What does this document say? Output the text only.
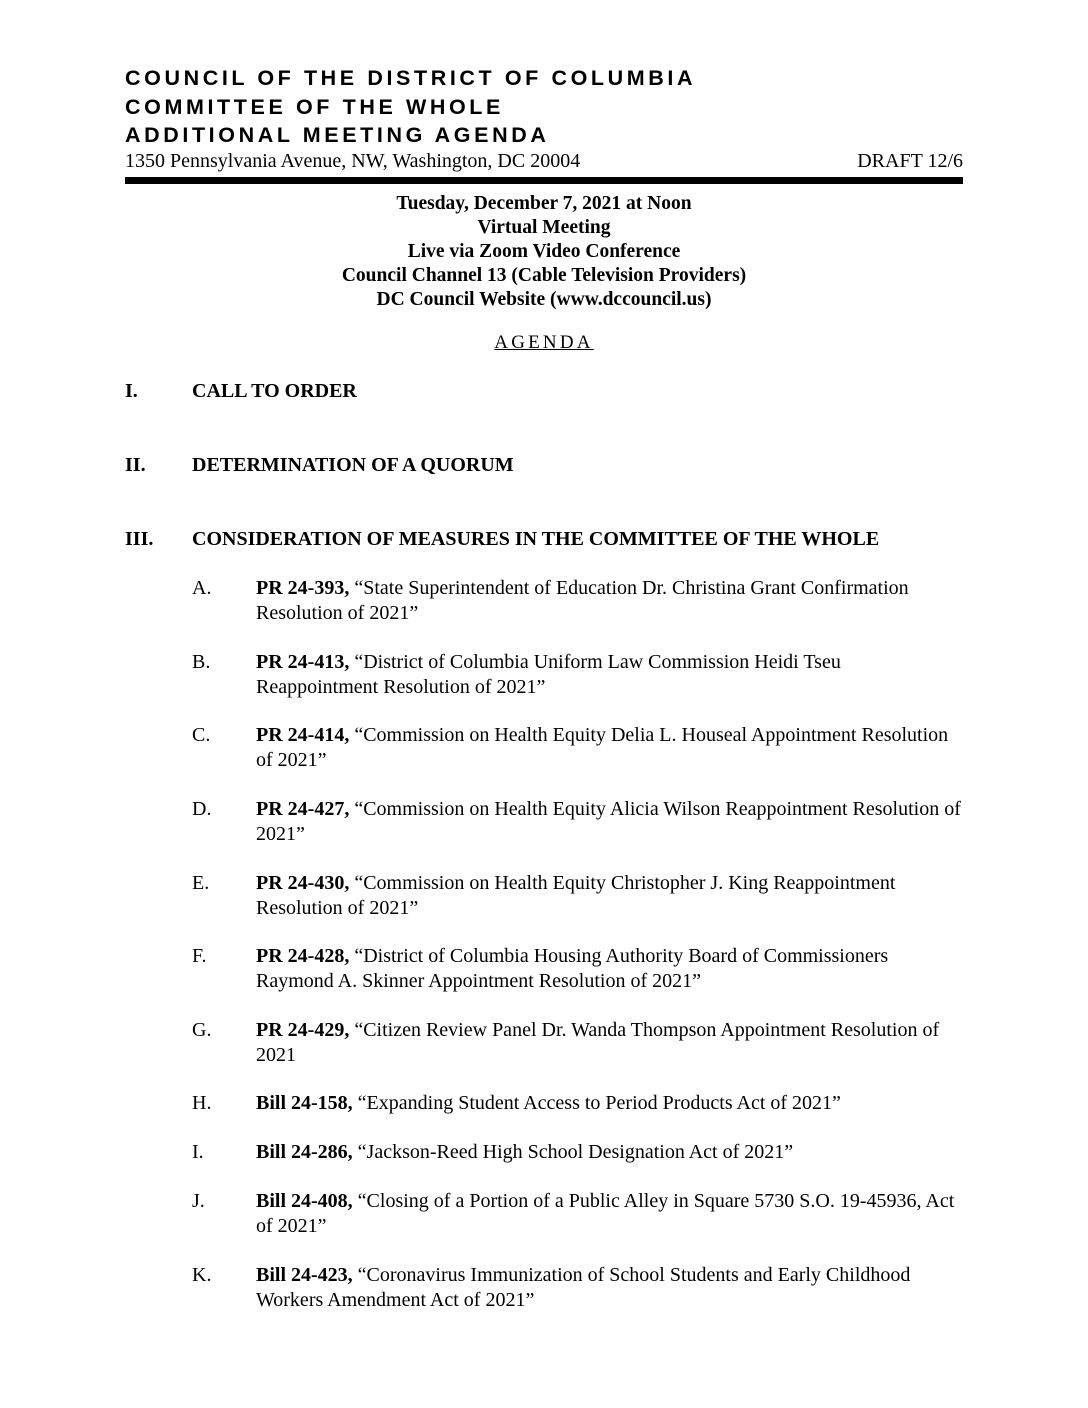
COUNCIL OF THE DISTRICT OF COLUMBIA
COMMITTEE OF THE WHOLE
ADDITIONAL MEETING AGENDA
1350 Pennsylvania Avenue, NW, Washington, DC 20004	DRAFT 12/6
Tuesday, December 7, 2021 at Noon
Virtual Meeting
Live via Zoom Video Conference
Council Channel 13 (Cable Television Providers)
DC Council Website (www.dccouncil.us)
AGENDA
I.	CALL TO ORDER
II. DETERMINATION OF A QUORUM
III. CONSIDERATION OF MEASURES IN THE COMMITTEE OF THE WHOLE
A. PR 24-393, “State Superintendent of Education Dr. Christina Grant Confirmation Resolution of 2021”
B. PR 24-413, “District of Columbia Uniform Law Commission Heidi Tseu Reappointment Resolution of 2021”
C. PR 24-414, “Commission on Health Equity Delia L. Houseal Appointment Resolution of 2021”
D. PR 24-427, “Commission on Health Equity Alicia Wilson Reappointment Resolution of 2021”
E. PR 24-430, “Commission on Health Equity Christopher J. King Reappointment Resolution of 2021”
F. PR 24-428, “District of Columbia Housing Authority Board of Commissioners Raymond A. Skinner Appointment Resolution of 2021”
G. PR 24-429, “Citizen Review Panel Dr. Wanda Thompson Appointment Resolution of 2021
H. Bill 24-158, “Expanding Student Access to Period Products Act of 2021”
I.	Bill 24-286, “Jackson-Reed High School Designation Act of 2021”
J.	Bill 24-408, “Closing of a Portion of a Public Alley in Square 5730 S.O. 19-45936, Act of 2021”
K. Bill 24-423, “Coronavirus Immunization of School Students and Early Childhood Workers Amendment Act of 2021”
